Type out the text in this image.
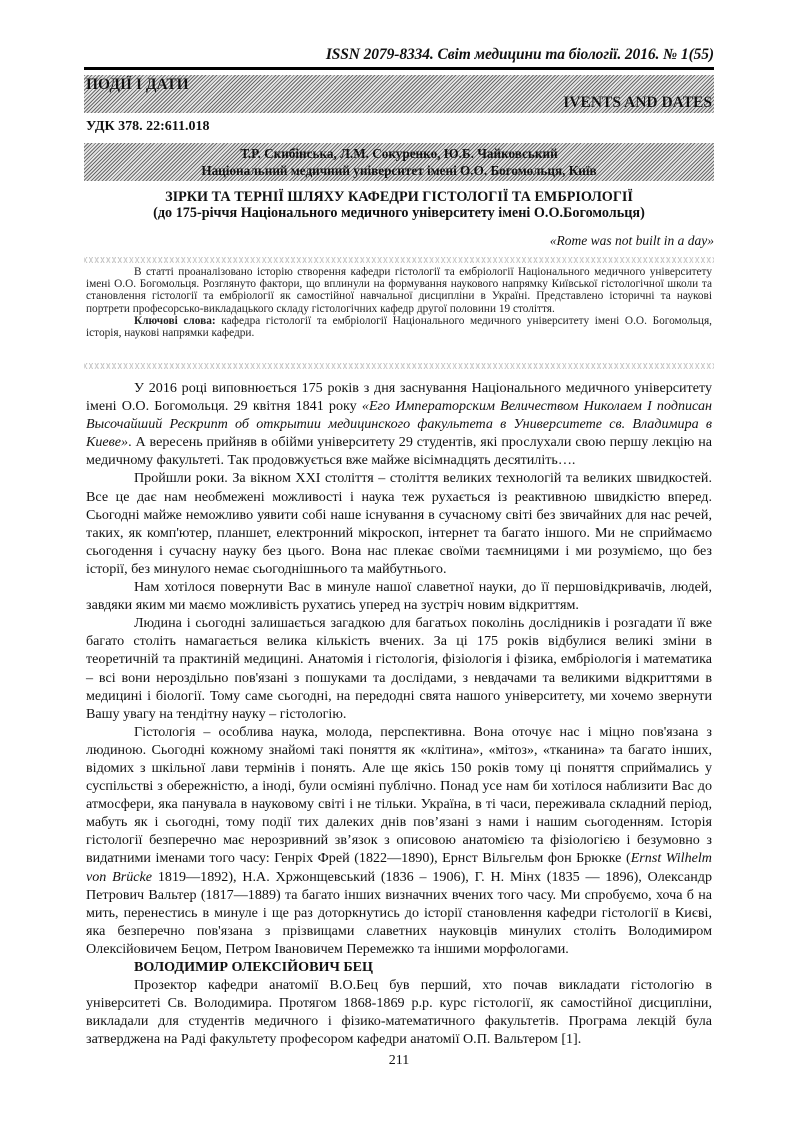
ISSN 2079-8334. Світ медицини та біології. 2016. № 1(55)
ПОДІЇ І ДАТИ
IVENTS AND DATES
УДК 378. 22:611.018
Т.Р. Скибінська, Л.М. Сокуренко, Ю.Б. Чайковський
Національний медичний університет імені О.О. Богомольця, Київ
ЗІРКИ ТА ТЕРНІЇ ШЛЯХУ КАФЕДРИ ГІСТОЛОГІЇ ТА ЕМБРІОЛОГІЇ
(до 175-річчя Національного медичного університету імені О.О.Богомольця)
«Rome was not built in a day»

В статті проаналізовано історію створення кафедри гістології та ембріології Національного медичного університету імені О.О. Богомольця. Розглянуто фактори, що вплинули на формування наукового напрямку Київської гістологічної школи та становлення гістології та ембріології як самостійної навчальної дисципліни в Україні. Представлено історичні та наукові портрети професорсько-викладацького складу гістологічних кафедр другої половини 19 століття.

Ключові слова: кафедра гістології та ембріології Національного медичного університету імені О.О. Богомольця, історія, наукові напрямки кафедри.

У 2016 році виповнюється 175 років з дня заснування Національного медичного університету імені О.О. Богомольця. 29 квітня 1841 року «Его Императорским Величеством Николаем I подписан Высочайший Рескрипт об открытии медицинского факультета в Университете св. Владимира в Киеве». А вересень прийняв в обійми університету 29 студентів, які прослухали свою першу лекцію на медичному факультеті. Так продовжується вже майже вісімнадцять десятиліть….

Пройшли роки. За вікном XXI століття – століття великих технологій та великих швидкостей. Все це дає нам необмежені можливості і наука теж рухається із реактивною швидкістю вперед. Сьогодні майже неможливо уявити собі наше існування в сучасному світі без звичайних для нас речей, таких, як комп'ютер, планшет, електронний мікроскоп, інтернет та багато іншого. Ми не сприймаємо сьогодення і сучасну науку без цього. Вона нас плекає своїми таємницями і ми розуміємо, що без історії, без минулого немає сьогоднішнього та майбутнього.

Нам хотілося повернути Вас в минуле нашої славетної науки, до її першовідкривачів, людей, завдяки яким ми маємо можливість рухатись уперед на зустріч новим відкриттям.

Людина і сьогодні залишається загадкою для багатьох поколінь дослідників і розгадати її вже багато століть намагається велика кількість вчених. За ці 175 років відбулися великі зміни в теоретичній та практиній медицині. Анатомія і гістологія, фізіологія і фізика, ембріологія і математика – всі вони нероздільно пов'язані з пошуками та дослідами, з невдачами та великими відкриттями в медицині і біології. Тому саме сьогодні, на передодні свята нашого університету, ми хочемо звернути Вашу увагу на тендітну науку – гістологію.

Гістологія – особлива наука, молода, перспективна. Вона оточує нас і міцно пов'язана з людиною. Сьогодні кожному знайомі такі поняття як «клітина», «мітоз», «тканина» та багато інших, відомих з шкільної лави термінів і понять. Але ще якісь 150 років тому ці поняття сприймались у суспільстві з обережністю, а іноді, були осміяні публічно. Понад усе нам би хотілося наблизити Вас до атмосфери, яка панувала в науковому світі і не тільки. Україна, в ті часи, переживала складний період, мабуть як і сьогодні, тому події тих далеких днів пов’язані з нами і нашим сьогоденням. Історія гістології безперечно має нерозривний зв’язок з описовою анатомією та фізіологією і безумовно з видатними іменами того часу: Генріх Фрей (1822—1890), Ернст Вільгельм фон Брюкке (Ernst Wilhelm von Brücke 1819—1892), Н.А. Хржонщевський (1836 – 1906), Г. Н. Мінх (1835 — 1896), Олександр Петрович Вальтер (1817—1889) та багато інших визначних вчених того часу. Ми спробуємо, хоча б на мить, перенестись в минуле і ще раз доторкнутись до історії становлення кафедри гістології в Києві, яка безперечно пов'язана з прізвищами славетних науковців минулих століть Володимиром Олексійовичем Бецом, Петром Івановичем Перемежко та іншими морфологами.

ВОЛОДИМИР ОЛЕКСІЙОВИЧ БЕЦ

Прозектор кафедри анатомії В.О.Бец був перший, хто почав викладати гістологію в університеті Св. Володимира. Протягом 1868-1869 р.р. курс гістології, як самостійної дисципліни, викладали для студентів медичного і фізико-математичного факультетів. Програма лекцій була затверджена на Раді факультету професором кафедри анатомії О.П. Вальтером [1].

211
